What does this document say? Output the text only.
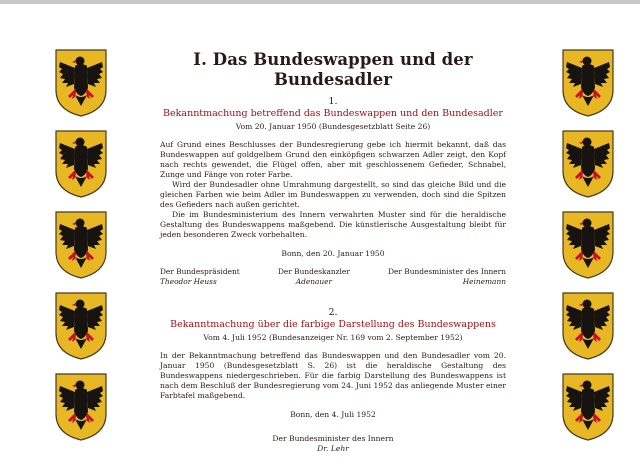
I. Das Bundeswappen und der Bundesadler
1.
Bekanntmachung betreffend das Bundeswappen und den Bundesadler
Vom 20. Januar 1950 (Bundesgesetzblatt Seite 26)

Auf Grund eines Beschlusses der Bundesregierung gebe ich hiermit bekannt, daß das Bundeswappen auf goldgelbem Grund den einköpfigen schwarzen Adler zeigt, den Kopf nach rechts gewendet, die Flügel offen, aber mit geschlossenem Gefieder, Schnabel, Zunge und Fänge von roter Farbe.

Wird der Bundesadler ohne Umrahmung dargestellt, so sind das gleiche Bild und die gleichen Farben wie beim Adler im Bundeswappen zu verwenden, doch sind die Spitzen des Gefieders nach außen gerichtet.

Die im Bundesministerium des Innern verwahrten Muster sind für die heraldische Gestaltung des Bundeswappens maßgebend. Die künstlerische Ausgestaltung bleibt für jeden besonderen Zweck vorbehalten.

Bonn, den 20. Januar 1950
Der Bundespräsident
Theodor Heuss
Der Bundeskanzler
Adenauer
Der Bundesminister des Innern
Heinemann
2.
Bekanntmachung über die farbige Darstellung des Bundeswappens
Vom 4. Juli 1952 (Bundesanzeiger Nr. 169 vom 2. September 1952)

In der Bekanntmachung betreffend das Bundeswappen und den Bundesadler vom 20. Januar 1950 (Bundesgesetzblatt S. 26) ist die heraldische Gestaltung des Bundeswappens niedergeschrieben. Für die farbig Darstellung des Bundeswappens ist nach dem Beschluß der Bundesregierung vom 24. Juni 1952 das anliegende Muster einer Farbtafel maßgebend.

Bonn, den 4. Juli 1952
Der Bundesminister des Innern
Dr. Lehr
